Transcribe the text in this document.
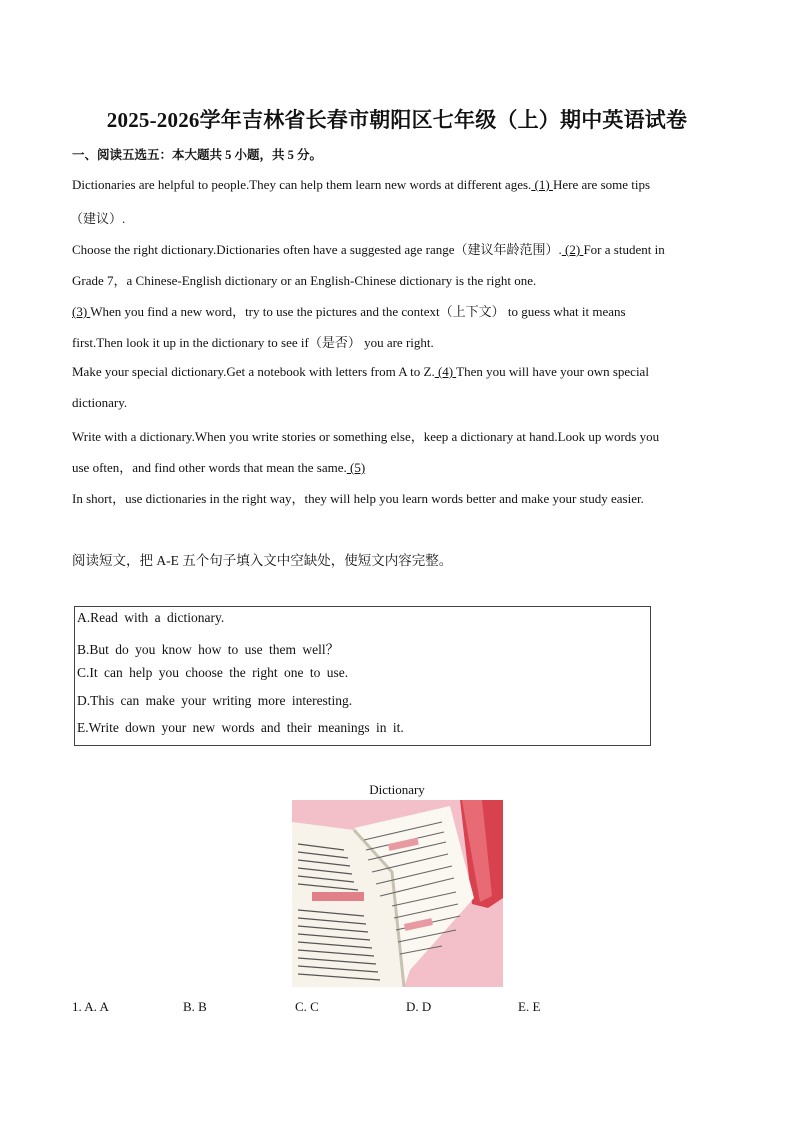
2025-2026学年吉林省长春市朝阳区七年级（上）期中英语试卷
一、阅读五选五：本大题共 5 小题，共 5 分。
Dictionaries are helpful to people.They can help them learn new words at different ages. (1) Here are some tips
（建议）.
Choose the right dictionary.Dictionaries often have a suggested age range（建议年龄范围）. (2) For a student in
Grade 7，a Chinese-English dictionary or an English-Chinese dictionary is the right one.
(3) When you find a new word，try to use the pictures and the context（上下文） to guess what it means
first.Then look it up in the dictionary to see if（是否） you are right.
Make your special dictionary.Get a notebook with letters from A to Z. (4) Then you will have your own special
dictionary.
Write with a dictionary.When you write stories or something else，keep a dictionary at hand.Look up words you
use often，and find other words that mean the same. (5)
In short，use dictionaries in the right way，they will help you learn words better and make your study easier.
阅读短文，把 A-E 五个句子填入文中空缺处，使短文内容完整。
A.Read with a dictionary.
B.But do you know how to use them well？
C.It can help you choose the right one to use.
D.This can make your writing more interesting.
E.Write down your new words and their meanings in it.
Dictionary
1. A. A	B. B	C. C	D. D	E. E
